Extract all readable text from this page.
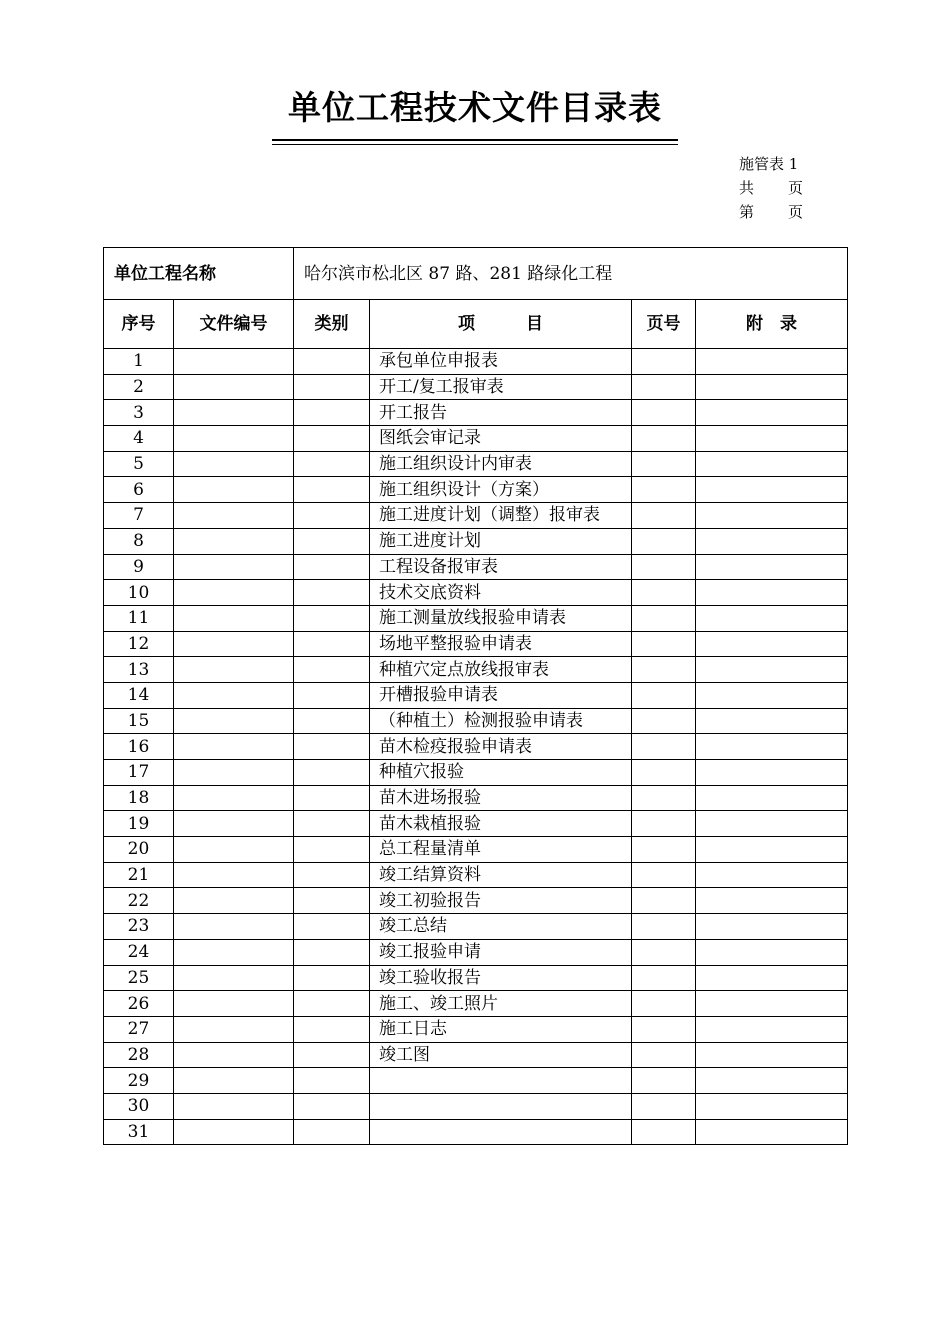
单位工程技术文件目录表
施管表 1
共 页
第 页
单位工程名称		哈尔滨市松北区 87 路、281 路绿化工程			
序号	文件编号	类别	项　　　目	页号	附　录
1			承包单位申报表		
2			开工/复工报审表		
3			开工报告		
4			图纸会审记录		
5			施工组织设计内审表		
6			施工组织设计（方案）		
7			施工进度计划（调整）报审表		
8			施工进度计划		
9			工程设备报审表		
10			技术交底资料		
11			施工测量放线报验申请表		
12			场地平整报验申请表		
13			种植穴定点放线报审表		
14			开槽报验申请表		
15			（种植土）检测报验申请表		
16			苗木检疫报验申请表		
17			种植穴报验		
18			苗木进场报验		
19			苗木栽植报验		
20			总工程量清单		
21			竣工结算资料		
22			竣工初验报告		
23			竣工总结		
24			竣工报验申请		
25			竣工验收报告		
26			施工、竣工照片		
27			施工日志		
28			竣工图		
29					
30					
31					
